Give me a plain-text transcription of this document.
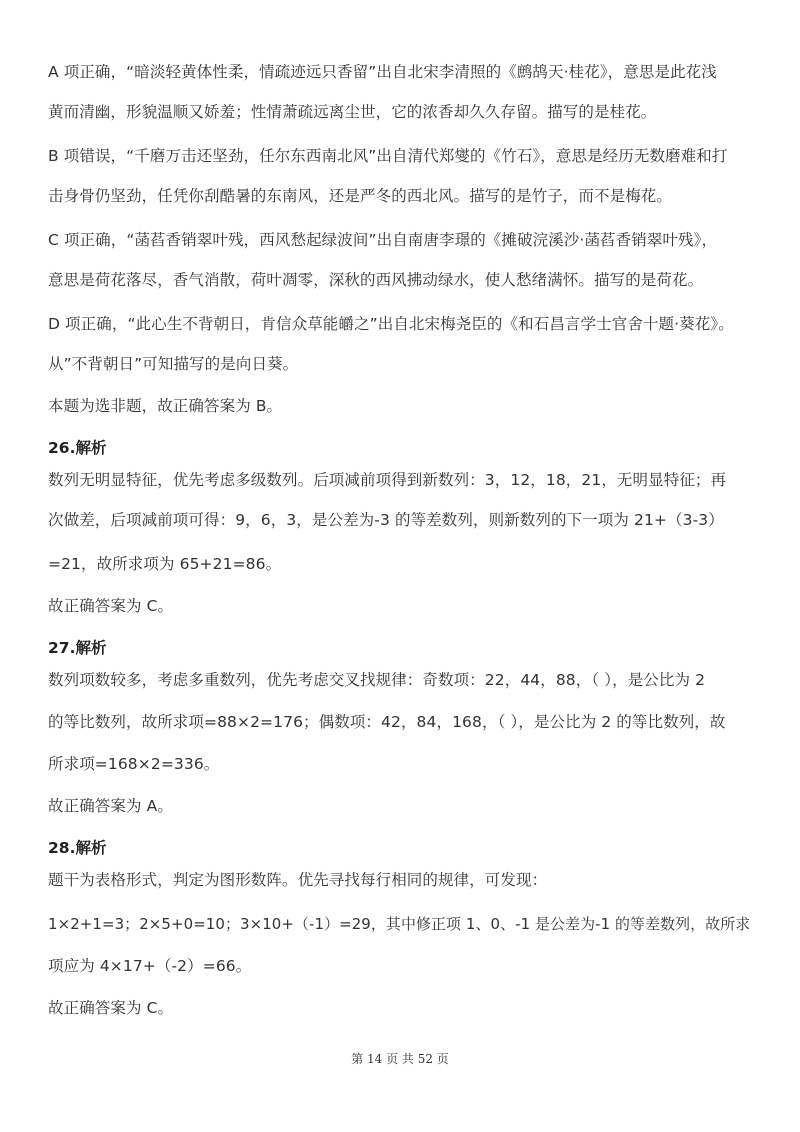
A 项正确，“暗淡轻黄体性柔，情疏迹远只香留”出自北宋李清照的《鹧鸪天·桂花》，意思是此花浅
黄而清幽，形貌温顺又娇羞；性情萧疏远离尘世，它的浓香却久久存留。描写的是桂花。
B 项错误，“千磨万击还坚劲，任尔东西南北风”出自清代郑燮的《竹石》，意思是经历无数磨难和打
击身骨仍坚劲，任凭你刮酷暑的东南风，还是严冬的西北风。描写的是竹子，而不是梅花。
C 项正确，“菡萏香销翠叶残，西风愁起绿波间”出自南唐李璟的《摊破浣溪沙·菡萏香销翠叶残》，
意思是荷花落尽，香气消散，荷叶凋零，深秋的西风拂动绿水，使人愁绪满怀。描写的是荷花。
D 项正确，“此心生不背朝日，肯信众草能皭之”出自北宋梅尧臣的《和石昌言学士官舍十题·葵花》。
从”不背朝日”可知描写的是向日葵。
本题为选非题，故正确答案为 B。
26.解析
数列无明显特征，优先考虑多级数列。后项减前项得到新数列：3，12，18，21，无明显特征；再
次做差，后项减前项可得：9，6，3，是公差为-3 的等差数列，则新数列的下一项为 21+（3-3）
=21，故所求项为 65+21=86。
故正确答案为 C。
27.解析
数列项数较多，考虑多重数列，优先考虑交叉找规律：奇数项：22，44，88，（ ），是公比为 2
的等比数列，故所求项=88×2=176；偶数项：42，84，168，（ ），是公比为 2 的等比数列，故
所求项=168×2=336。
故正确答案为 A。
28.解析
题干为表格形式，判定为图形数阵。优先寻找每行相同的规律，可发现：
1×2+1=3；2×5+0=10；3×10+（-1）=29，其中修正项 1、0、-1 是公差为-1 的等差数列，故所求
项应为 4×17+（-2）=66。
故正确答案为 C。
第 14 页 共 52 页
